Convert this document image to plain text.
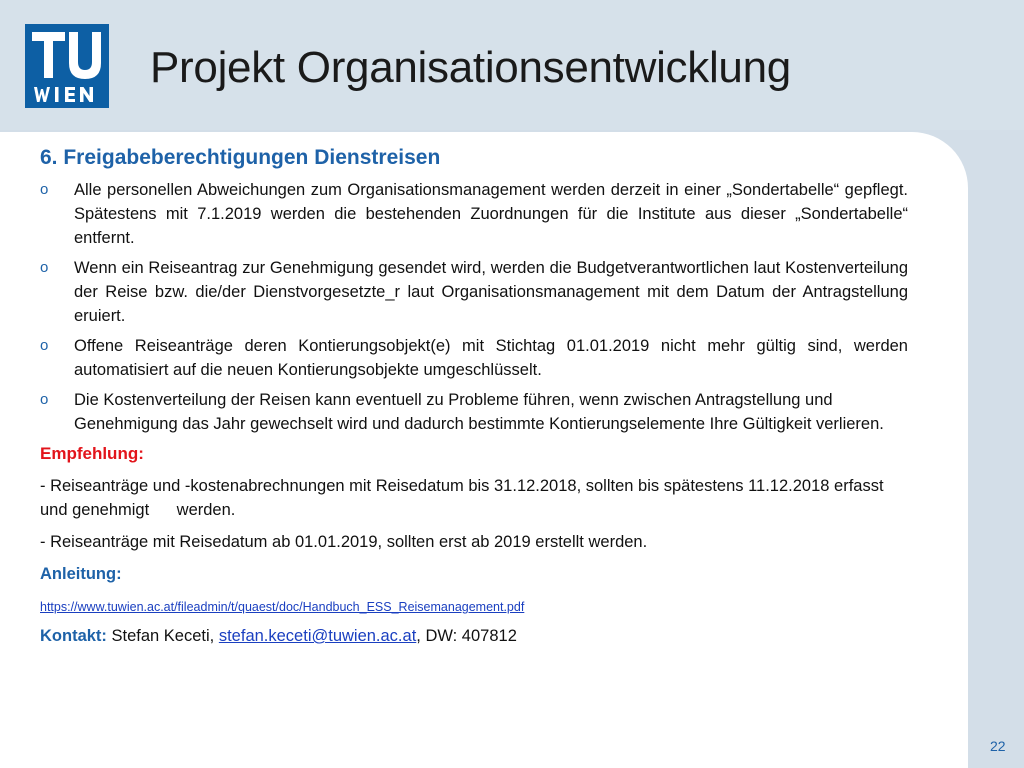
Projekt Organisationsentwicklung
6. Freigabeberechtigungen Dienstreisen
o Alle personellen Abweichungen zum Organisationsmanagement werden derzeit in einer „Sondertabelle“ gepflegt. Spätestens mit 7.1.2019 werden die bestehenden Zuordnungen für die Institute aus dieser „Sondertabelle“ entfernt.
o Wenn ein Reiseantrag zur Genehmigung gesendet wird, werden die Budgetverantwortlichen laut Kostenverteilung der Reise bzw. die/der Dienstvorgesetzte_r laut Organisationsmanagement mit dem Datum der Antragstellung eruiert.
o Offene Reiseanträge deren Kontierungsobjekt(e) mit Stichtag 01.01.2019 nicht mehr gültig sind, werden automatisiert auf die neuen Kontierungsobjekte umgeschlüsselt.
o Die Kostenverteilung der Reisen kann eventuell zu Probleme führen, wenn zwischen Antragstellung und Genehmigung das Jahr gewechselt wird und dadurch bestimmte Kontierungselemente Ihre Gültigkeit verlieren.
Empfehlung:

- Reiseanträge und -kostenabrechnungen mit Reisedatum bis 31.12.2018, sollten bis spätestens 11.12.2018 erfasst und genehmigt      werden.

- Reiseanträge mit Reisedatum ab 01.01.2019, sollten erst ab 2019 erstellt werden.

Anleitung:
https://www.tuwien.ac.at/fileadmin/t/quaest/doc/Handbuch_ESS_Reisemanagement.pdf
Kontakt: Stefan Keceti, stefan.keceti@tuwien.ac.at, DW: 407812
22
